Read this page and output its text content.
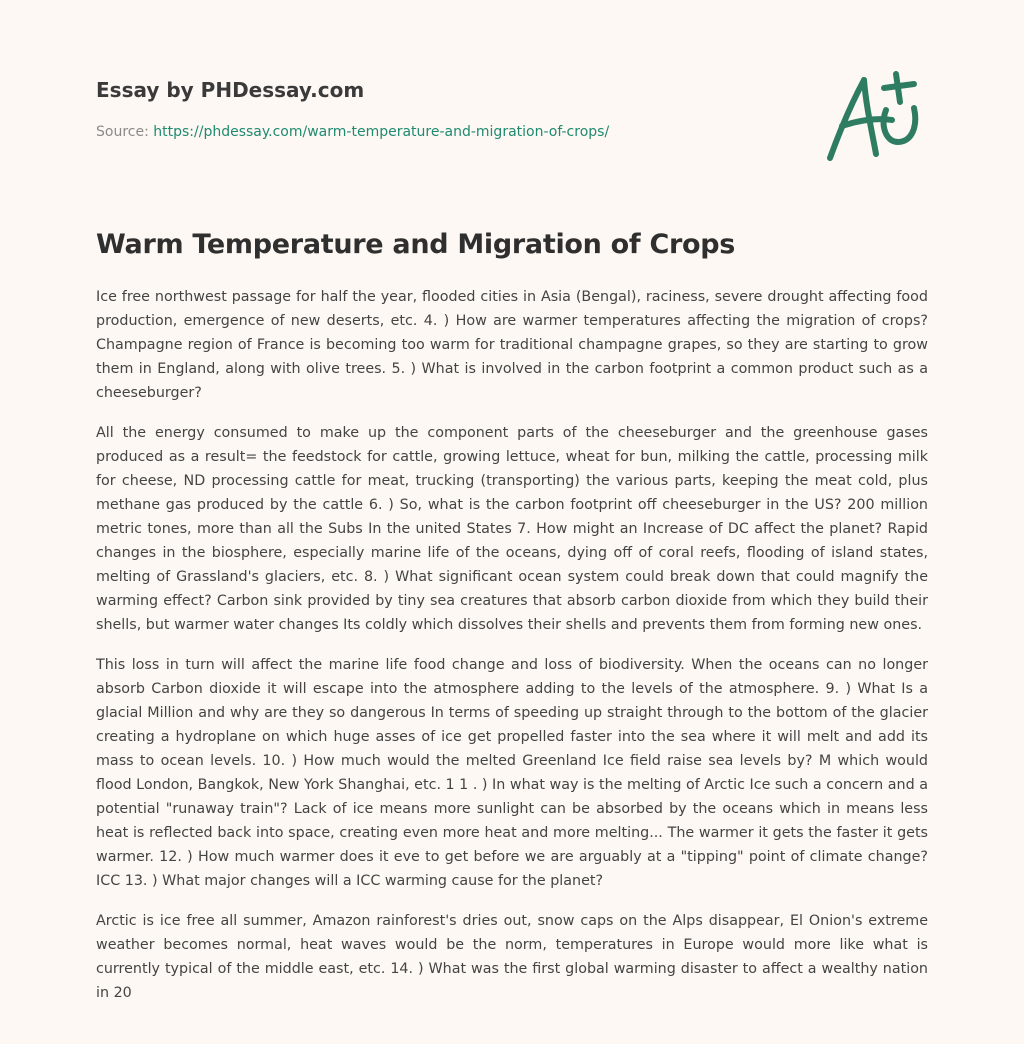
Essay by PHDessay.com
Source: https://phdessay.com/warm-temperature-and-migration-of-crops/
Warm Temperature and Migration of Crops

Ice free northwest passage for half the year, flooded cities in Asia (Bengal), raciness, severe drought affecting food production, emergence of new deserts, etc. 4. ) How are warmer temperatures affecting the migration of crops? Champagne region of France is becoming too warm for traditional champagne grapes, so they are starting to grow them in England, along with olive trees. 5. ) What is involved in the carbon footprint a common product such as a cheeseburger?

All the energy consumed to make up the component parts of the cheeseburger and the greenhouse gases produced as a result= the feedstock for cattle, growing lettuce, wheat for bun, milking the cattle, processing milk for cheese, ND processing cattle for meat, trucking (transporting) the various parts, keeping the meat cold, plus methane gas produced by the cattle 6. ) So, what is the carbon footprint off cheeseburger in the US? 200 million metric tones, more than all the Subs In the united States 7. How might an Increase of DC affect the planet? Rapid changes in the biosphere, especially marine life of the oceans, dying off of coral reefs, flooding of island states, melting of Grassland's glaciers, etc. 8. ) What significant ocean system could break down that could magnify the warming effect? Carbon sink provided by tiny sea creatures that absorb carbon dioxide from which they build their shells, but warmer water changes Its coldly which dissolves their shells and prevents them from forming new ones.

This loss in turn will affect the marine life food change and loss of biodiversity. When the oceans can no longer absorb Carbon dioxide it will escape into the atmosphere adding to the levels of the atmosphere. 9. ) What Is a glacial Million and why are they so dangerous In terms of speeding up straight through to the bottom of the glacier creating a hydroplane on which huge asses of ice get propelled faster into the sea where it will melt and add its mass to ocean levels. 10. ) How much would the melted Greenland Ice field raise sea levels by? M which would flood London, Bangkok, New York Shanghai, etc. 1 1 . ) In what way is the melting of Arctic Ice such a concern and a potential "runaway train"? Lack of ice means more sunlight can be absorbed by the oceans which in means less heat is reflected back into space, creating even more heat and more melting... The warmer it gets the faster it gets warmer. 12. ) How much warmer does it eve to get before we are arguably at a "tipping" point of climate change? ICC 13. ) What major changes will a ICC warming cause for the planet?

Arctic is ice free all summer, Amazon rainforest's dries out, snow caps on the Alps disappear, El Onion's extreme weather becomes normal, heat waves would be the norm, temperatures in Europe would more like what is currently typical of the middle east, etc. 14. ) What was the first global warming disaster to affect a wealthy nation in 20
